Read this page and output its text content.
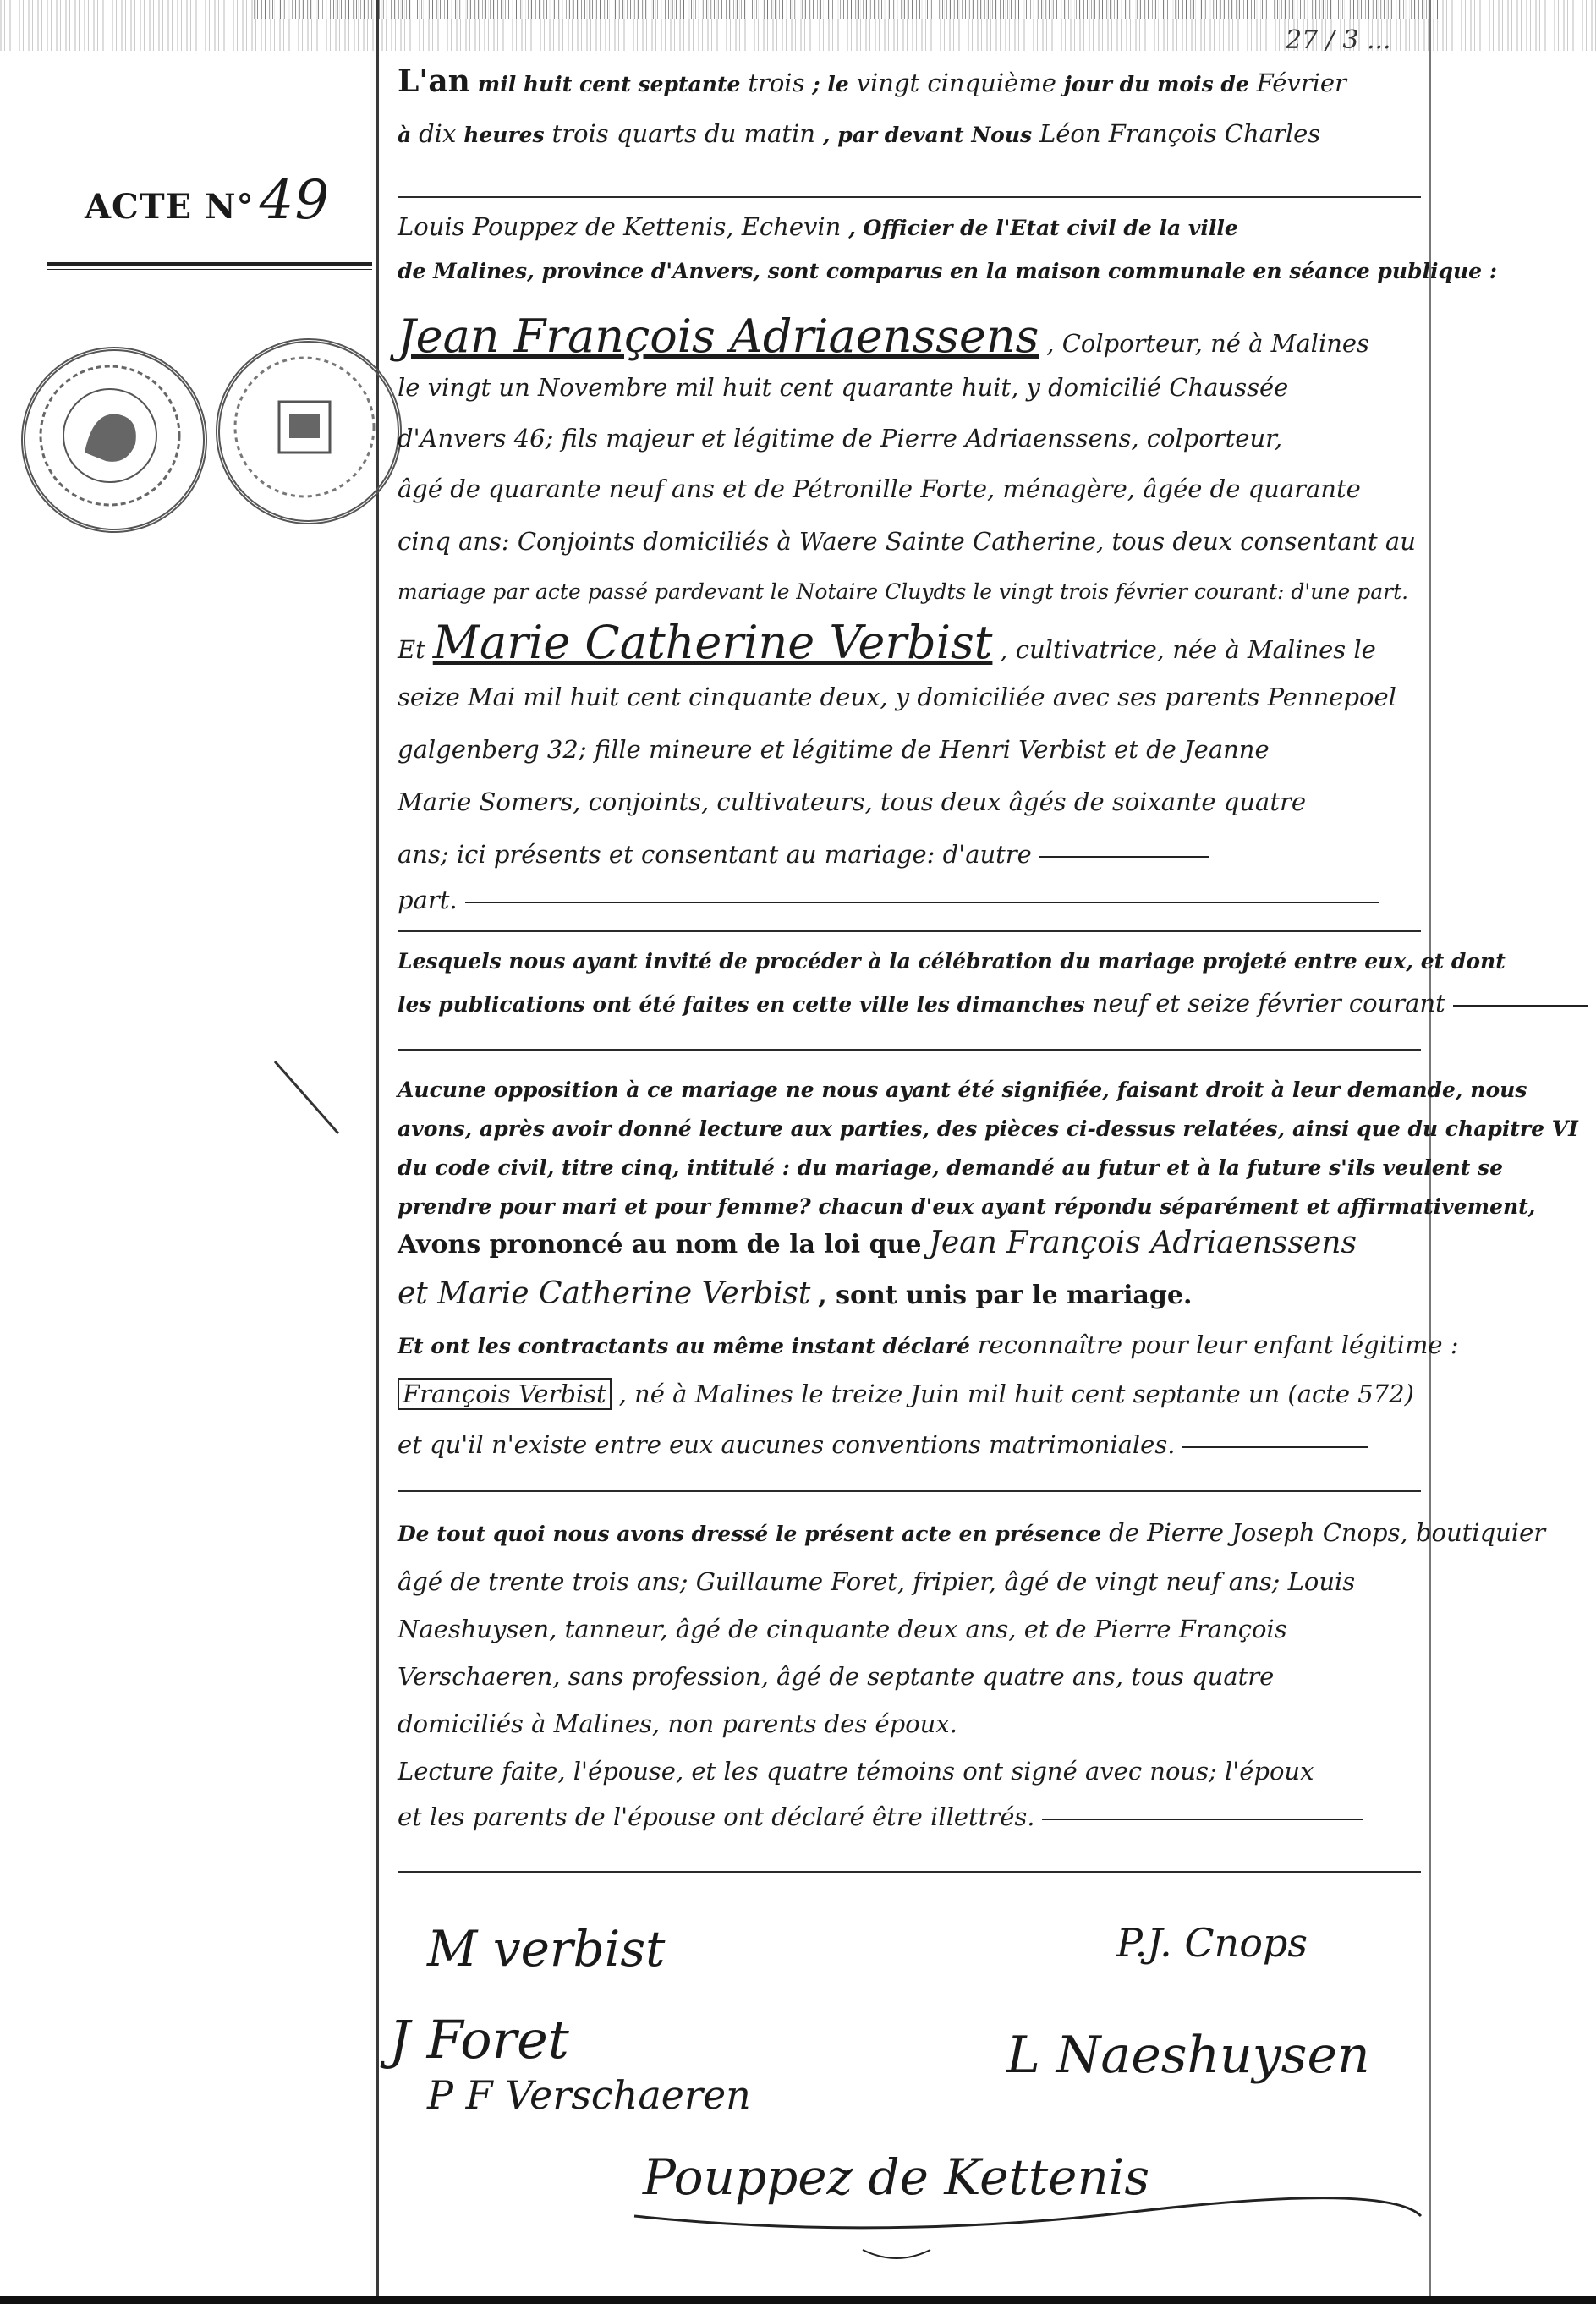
27 / 3 ...
ACTE N°49
L'an mil huit cent septante trois ; le vingt cinquième jour du mois de Février
à dix heures trois quarts du matin , par devant Nous Léon François Charles
Louis Pouppez de Kettenis, Echevin , Officier de l'Etat civil de la ville
de Malines, province d'Anvers, sont comparus en la maison communale en séance publique :
Jean François Adriaenssens , Colporteur, né à Malines
le vingt un Novembre mil huit cent quarante huit, y domicilié Chaussée
d'Anvers 46; fils majeur et légitime de Pierre Adriaenssens, colporteur,
âgé de quarante neuf ans et de Pétronille Forte, ménagère, âgée de quarante
cinq ans: Conjoints domiciliés à Waere Sainte Catherine, tous deux consentant au
mariage par acte passé pardevant le Notaire Cluydts le vingt trois février courant: d'une part.
Et Marie Catherine Verbist , cultivatrice, née à Malines le
seize Mai mil huit cent cinquante deux, y domiciliée avec ses parents Pennepoel
galgenberg 32; fille mineure et légitime de Henri Verbist et de Jeanne
Marie Somers, conjoints, cultivateurs, tous deux âgés de soixante quatre
ans; ici présents et consentant au mariage: d'autre
part.
Lesquels nous ayant invité de procéder à la célébration du mariage projeté entre eux, et dont
les publications ont été faites en cette ville les dimanches neuf et seize février courant
Aucune opposition à ce mariage ne nous ayant été signifiée, faisant droit à leur demande, nous
avons, après avoir donné lecture aux parties, des pièces ci-dessus relatées, ainsi que du chapitre VI
du code civil, titre cinq, intitulé : du mariage, demandé au futur et à la future s'ils veulent se
prendre pour mari et pour femme? chacun d'eux ayant répondu séparément et affirmativement,
Avons prononcé au nom de la loi que Jean François Adriaenssens
et Marie Catherine Verbist , sont unis par le mariage.
Et ont les contractants au même instant déclaré reconnaître pour leur enfant légitime :
François Verbist , né à Malines le treize Juin mil huit cent septante un (acte 572)
et qu'il n'existe entre eux aucunes conventions matrimoniales.
De tout quoi nous avons dressé le présent acte en présence de Pierre Joseph Cnops, boutiquier
âgé de trente trois ans; Guillaume Foret, fripier, âgé de vingt neuf ans; Louis
Naeshuysen, tanneur, âgé de cinquante deux ans, et de Pierre François
Verschaeren, sans profession, âgé de septante quatre ans, tous quatre
domiciliés à Malines, non parents des époux.
Lecture faite, l'épouse, et les quatre témoins ont signé avec nous; l'époux
et les parents de l'épouse ont déclaré être illettrés.
M verbist	P.J. Cnops
J Foret	L Naeshuysen
P F Verschaeren
Pouppez de Kettenis
